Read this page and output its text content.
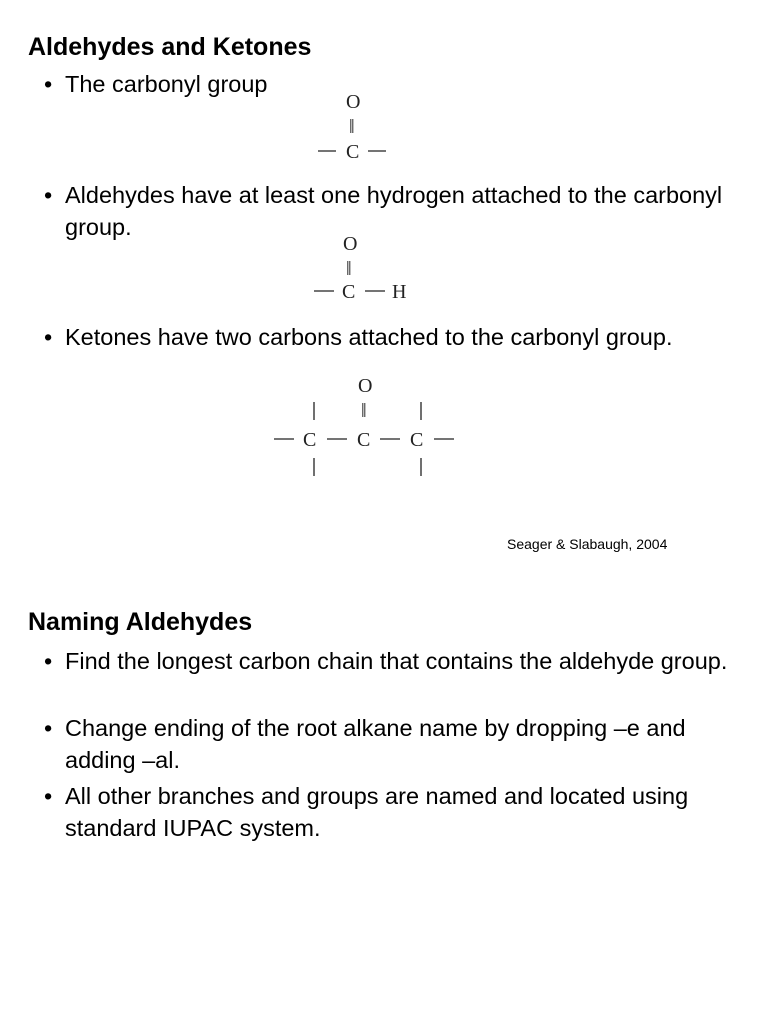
Aldehydes and Ketones
• The carbonyl group
O
‖
C
• Aldehydes have at least one hydrogen attached to the carbonyl group.
O
‖
C H
• Ketones have two carbons attached to the carbonyl group.
O
‖
C C C
Seager & Slabaugh, 2004
Naming Aldehydes
• Find the longest carbon chain that contains the aldehyde group.
• Change ending of the root alkane name by dropping –e and adding –al.
• All other branches and groups are named and located using standard IUPAC system.
